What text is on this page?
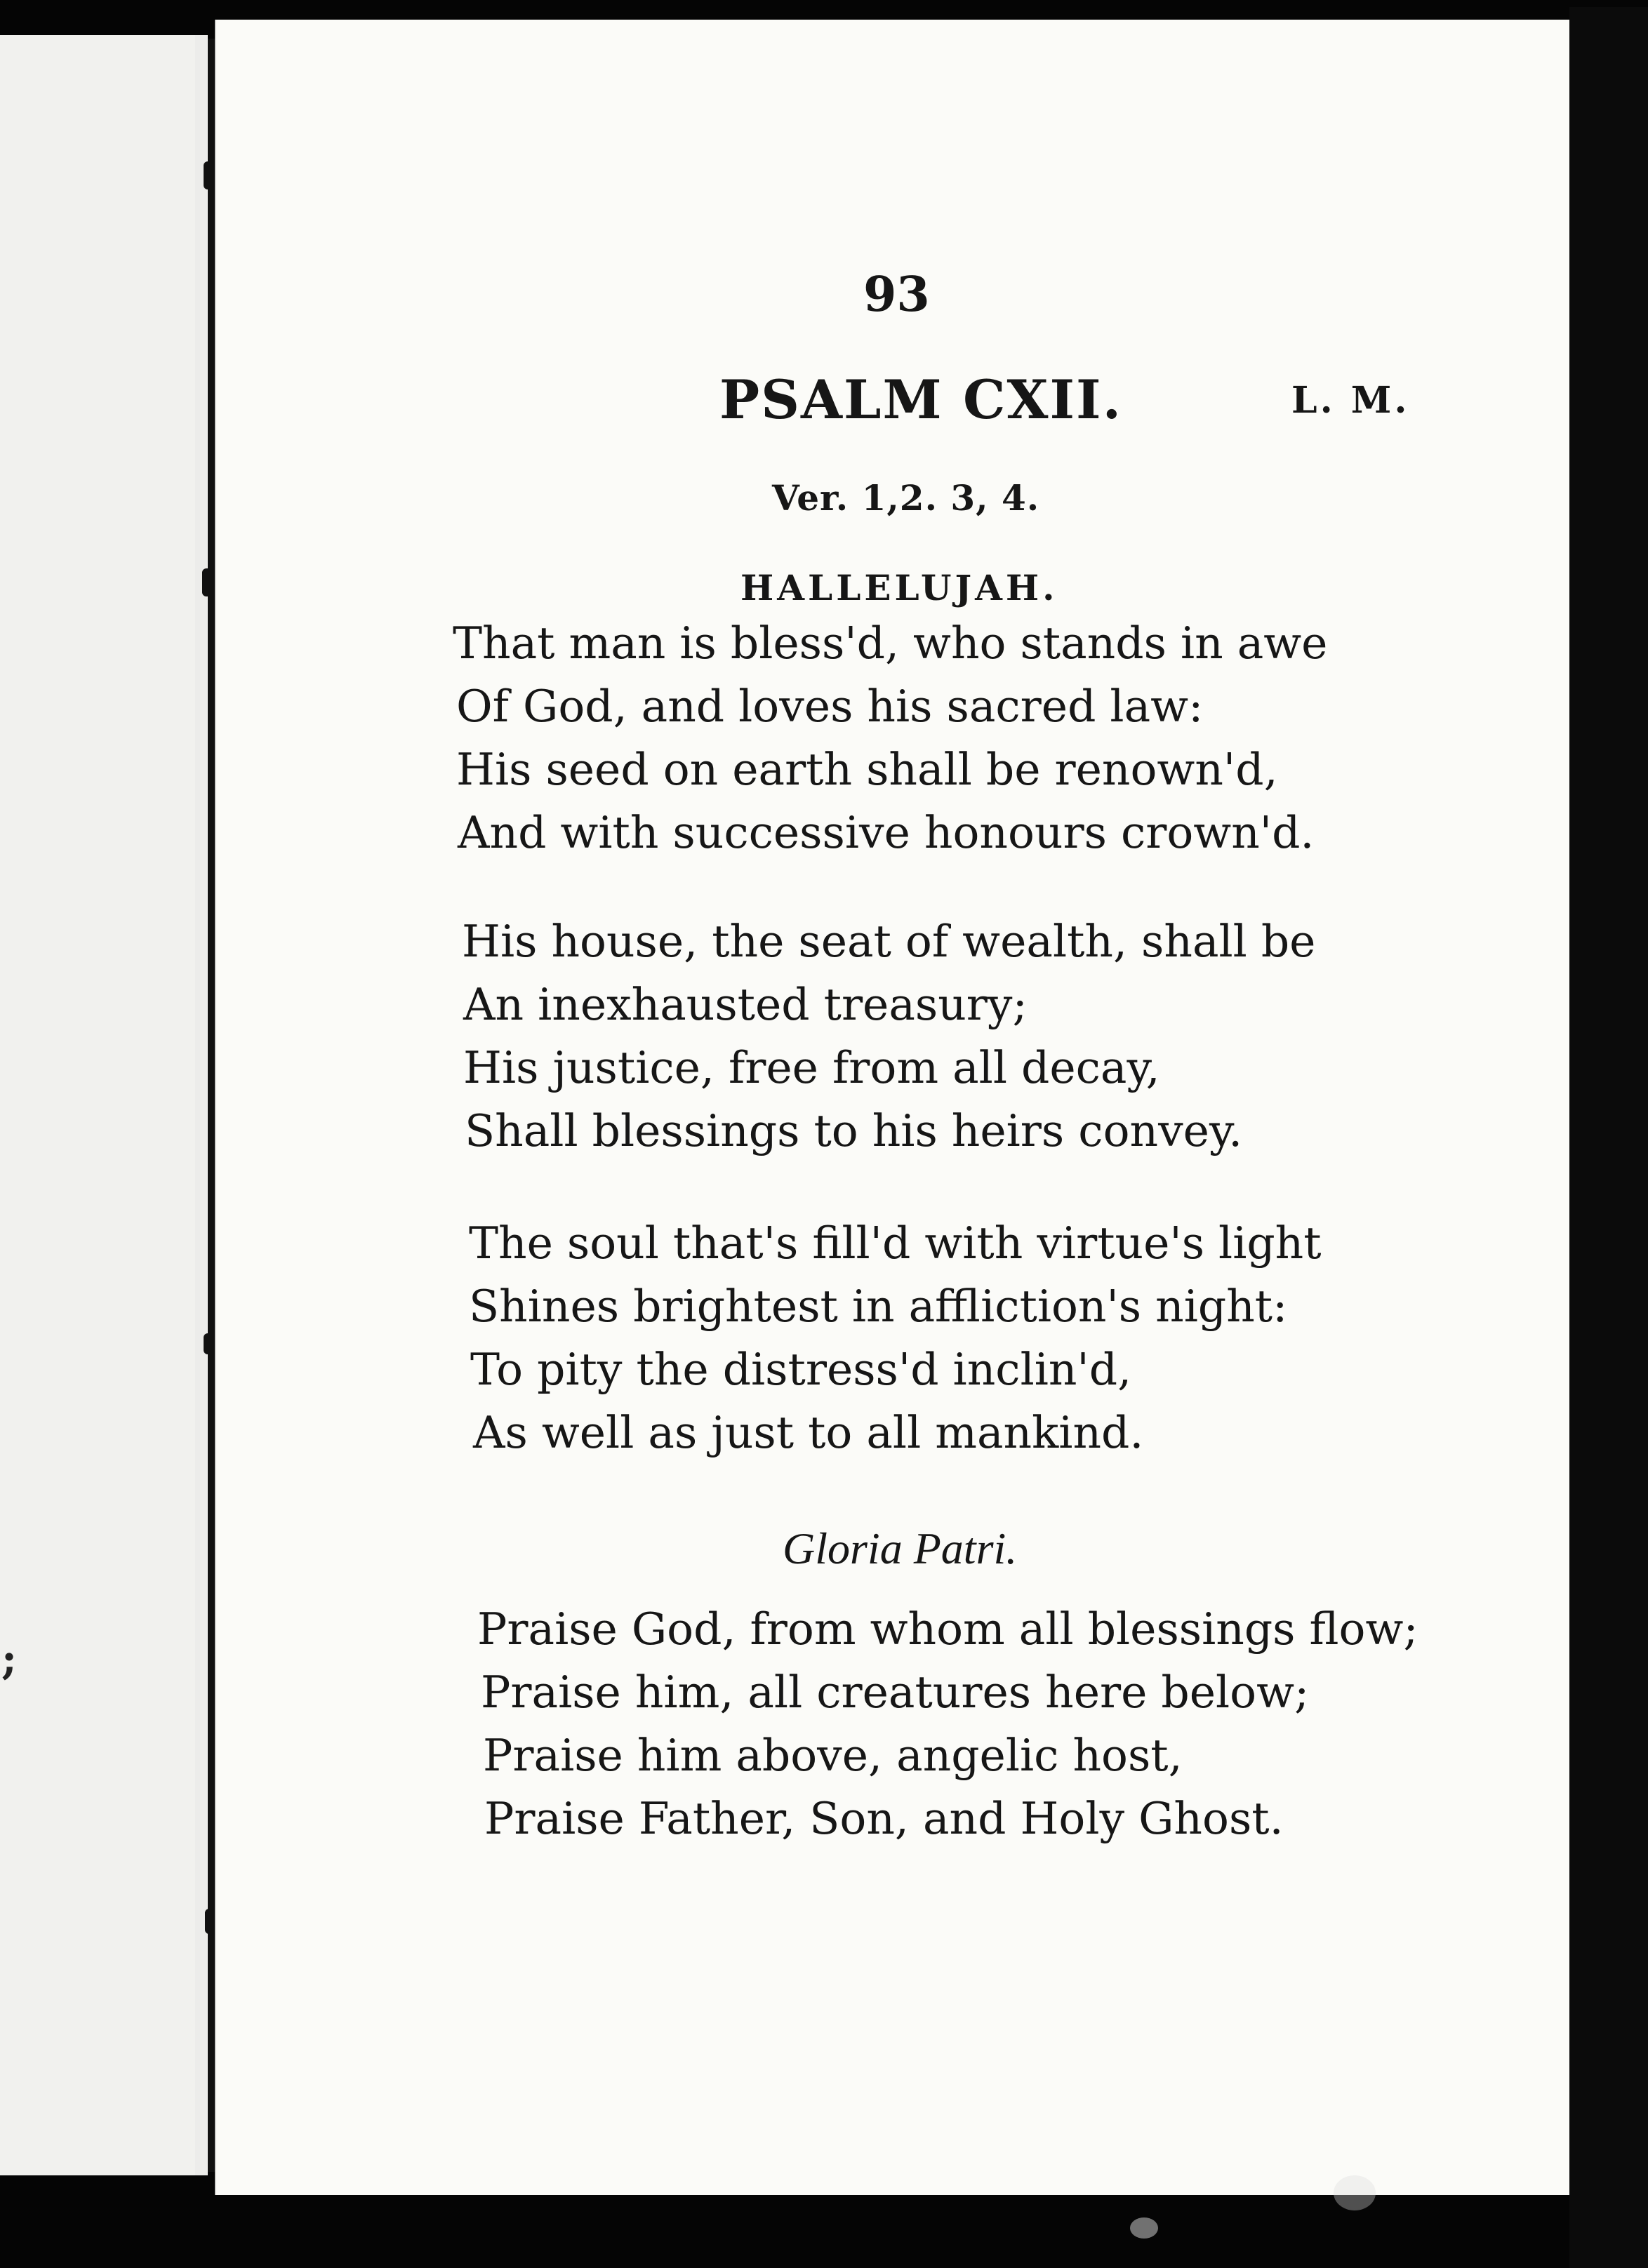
;
93
PSALM CXII.	L. M.
Ver. 1,2. 3, 4.
HALLELUJAH.
That man is bless'd, who stands in awe
Of God, and loves his sacred law:
His seed on earth shall be renown'd,
And with successive honours crown'd.
His house, the seat of wealth, shall be
An inexhausted treasury;
His justice, free from all decay,
Shall blessings to his heirs convey.
The soul that's fill'd with virtue's light
Shines brightest in affliction's night:
To pity the distress'd inclin'd,
As well as just to all mankind.
Gloria Patri.
Praise God, from whom all blessings flow;
Praise him, all creatures here below;
Praise him above, angelic host,
Praise Father, Son, and Holy Ghost.
